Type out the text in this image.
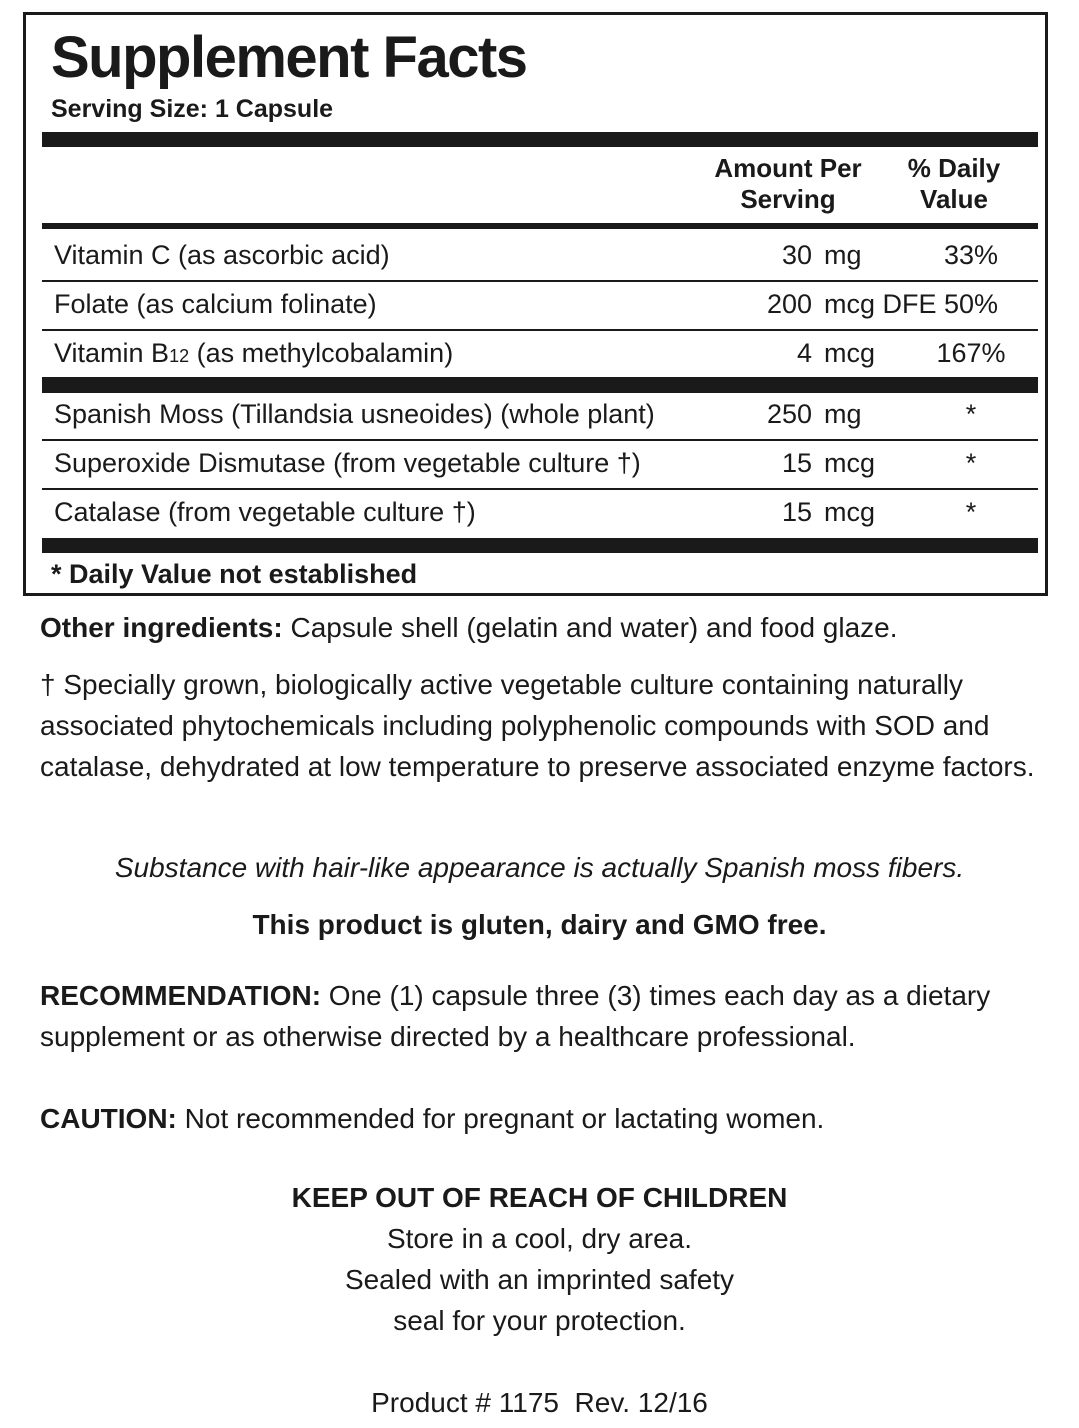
Supplement Facts
Serving Size: 1 Capsule
Amount Per
Serving
% Daily
Value
Vitamin C (as ascorbic acid)	30 mg	33%
Folate (as calcium folinate)	200 mcg DFE 50%
Vitamin B12 (as methylcobalamin)	4 mcg	167%
Spanish Moss (Tillandsia usneoides) (whole plant)	250 mg	*
Superoxide Dismutase (from vegetable culture †)	15 mcg	*
Catalase (from vegetable culture †)	15 mcg	*
* Daily Value not established
Other ingredients: Capsule shell (gelatin and water) and food glaze.
† Specially grown, biologically active vegetable culture containing naturally associated phytochemicals including polyphenolic compounds with SOD and catalase, dehydrated at low temperature to preserve associated enzyme factors.
Substance with hair-like appearance is actually Spanish moss fibers.
This product is gluten, dairy and GMO free.
RECOMMENDATION: One (1) capsule three (3) times each day as a dietary supplement or as otherwise directed by a healthcare professional.
CAUTION: Not recommended for pregnant or lactating women.
KEEP OUT OF REACH OF CHILDREN
Store in a cool, dry area.
Sealed with an imprinted safety
seal for your protection.
Product # 1175  Rev. 12/16
